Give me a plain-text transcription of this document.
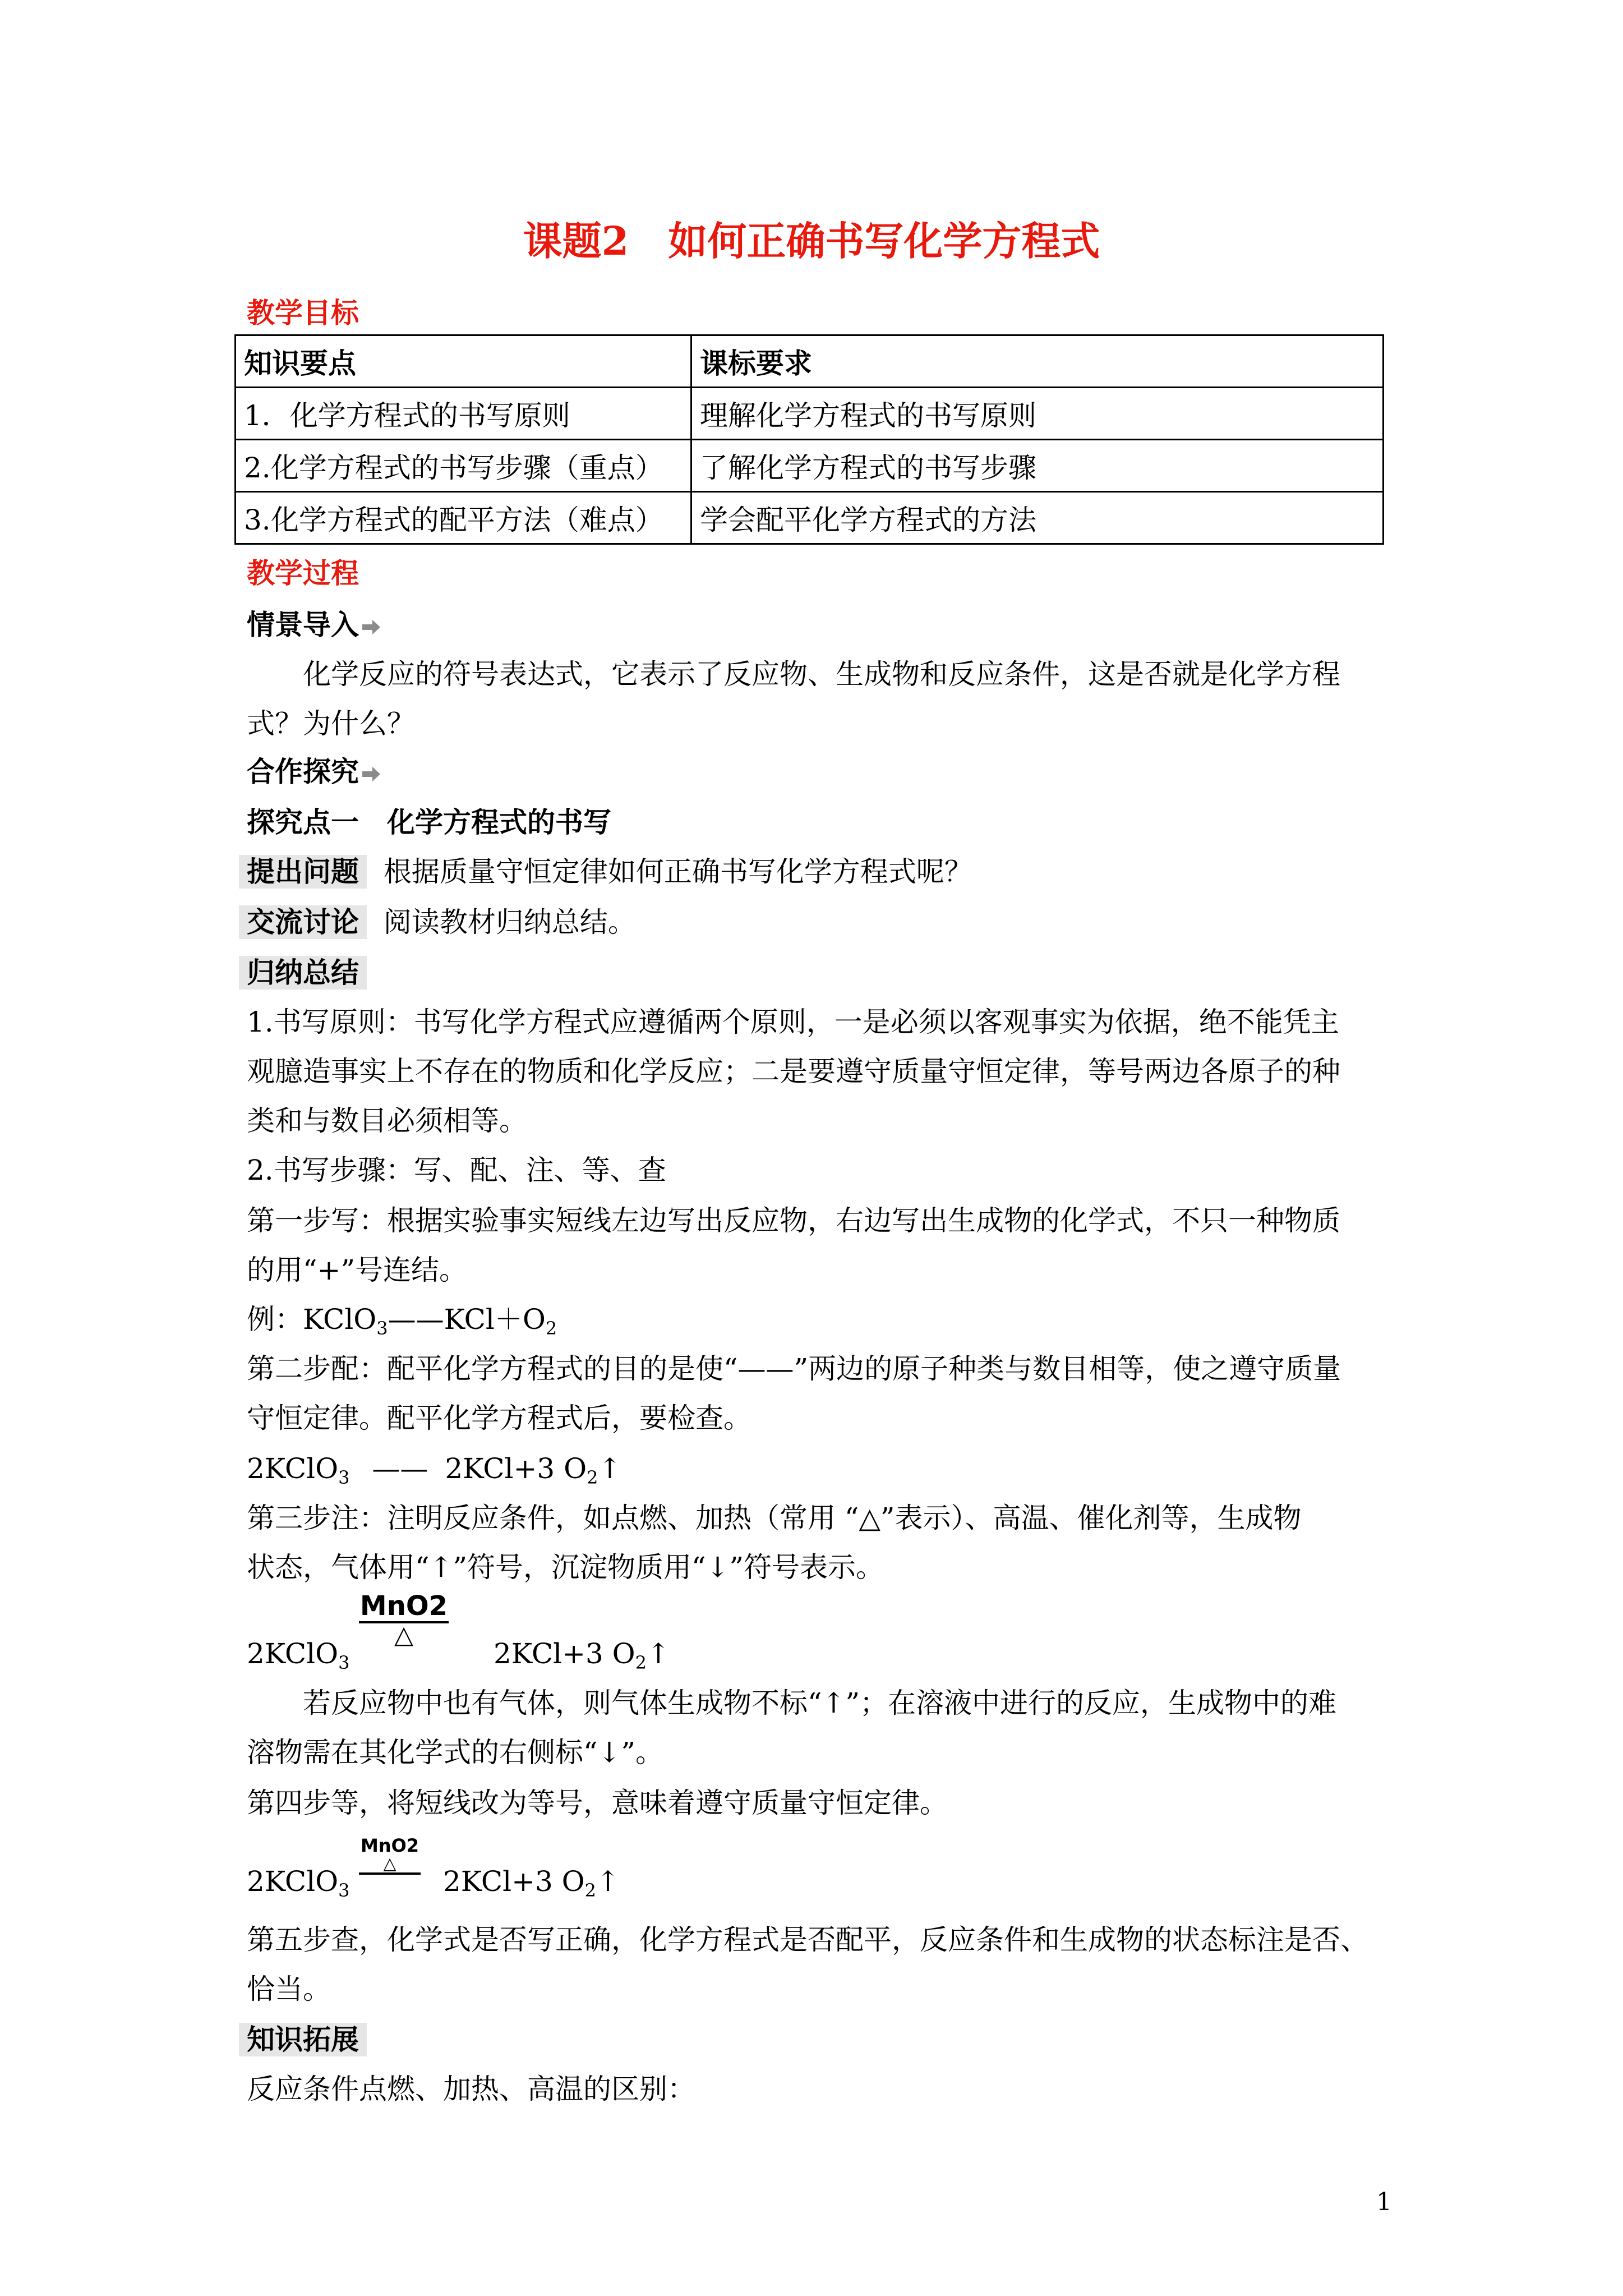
课题2　如何正确书写化学方程式
教学目标
知识要点	课标要求
1．化学方程式的书写原则	理解化学方程式的书写原则
2.化学方程式的书写步骤（重点）	了解化学方程式的书写步骤
3.化学方程式的配平方法（难点）	学会配平化学方程式的方法
教学过程
情景导入
化学反应的符号表达式，它表示了反应物、生成物和反应条件，这是否就是化学方程
式？为什么？
合作探究
探究点一 化学方程式的书写
提出问题 根据质量守恒定律如何正确书写化学方程式呢？
交流讨论 阅读教材归纳总结。
归纳总结
1.书写原则：书写化学方程式应遵循两个原则，一是必须以客观事实为依据，绝不能凭主
观臆造事实上不存在的物质和化学反应；二是要遵守质量守恒定律，等号两边各原子的种
类和与数目必须相等。
2.书写步骤：写、配、注、等、查
第一步写：根据实验事实短线左边写出反应物，右边写出生成物的化学式，不只一种物质
的用“+”号连结。
例：$KClO_3——KCl+O_2$
第二步配：配平化学方程式的目的是使“——”两边的原子种类与数目相等，使之遵守质量
守恒定律。配平化学方程式后，要检查。
2KClO$_3$ —— 2KCl+3 $O_2↑$
第三步注：注明反应条件，如点燃、加热（常用 “△”表示）、高温、催化剂等，生成物
状态，气体用“↑”符号，沉淀物质用“↓”符号表示。
MnO2
△
2KClO$_3$	2KCl+3 $O_2↑$
若反应物中也有气体，则气体生成物不标“↑”；在溶液中进行的反应，生成物中的难
溶物需在其化学式的右侧标“↓”。
第四步等，将短线改为等号，意味着遵守质量守恒定律。
MnO2
△
2KClO$_3$	2KCl+3 $O_2↑$
第五步查，化学式是否写正确，化学方程式是否配平，反应条件和生成物的状态标注是否、
恰当。
知识拓展
反应条件点燃、加热、高温的区别：
1
